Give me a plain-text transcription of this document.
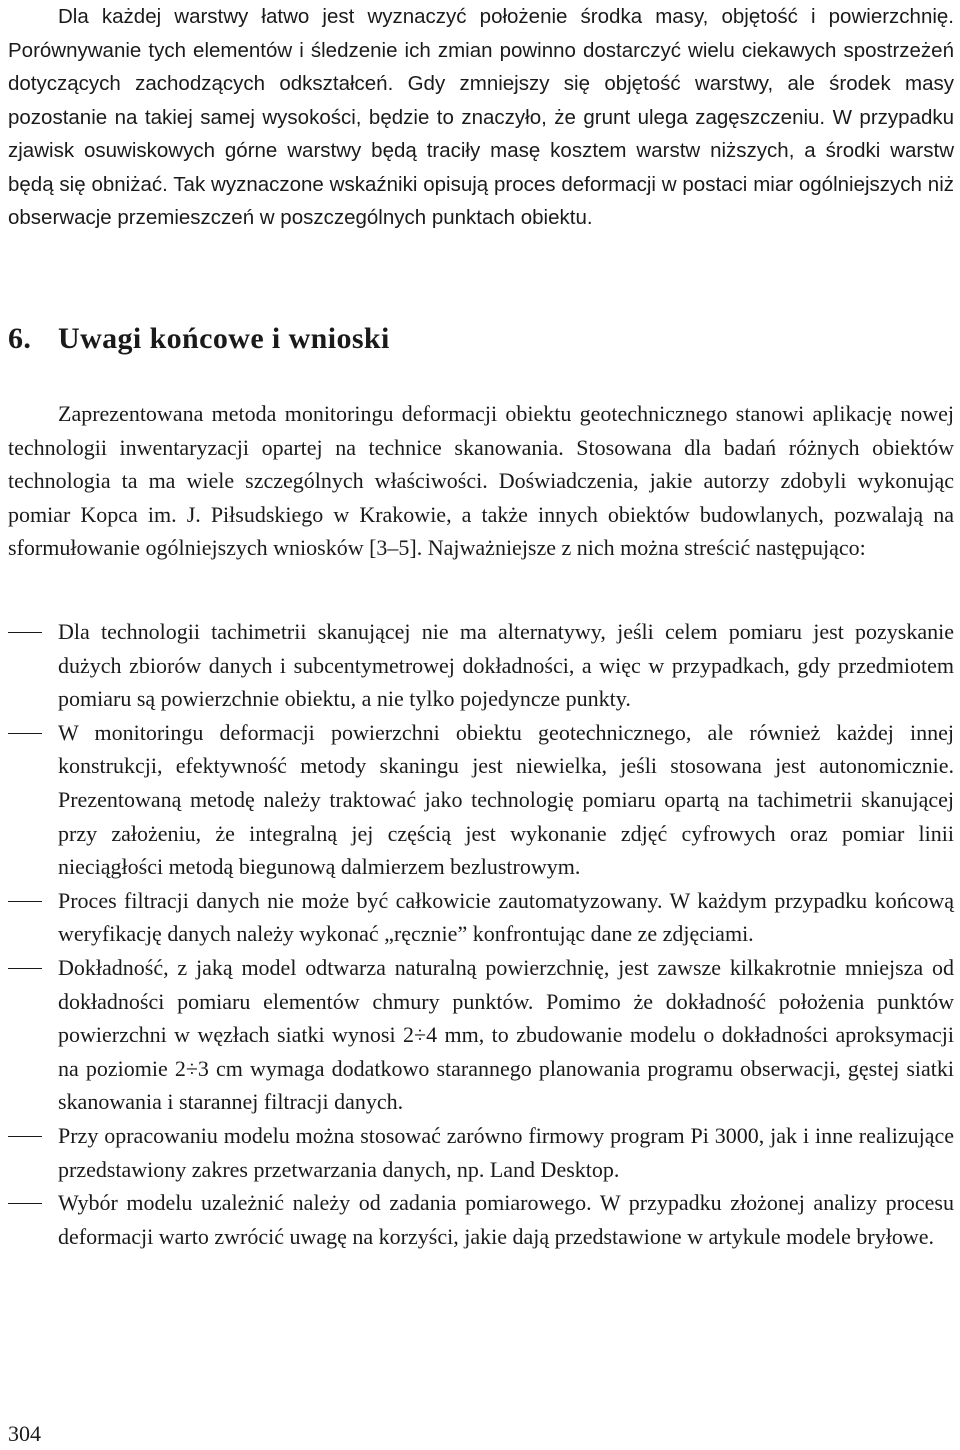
Dla każdej warstwy łatwo jest wyznaczyć położenie środka masy, objętość i powierzchnię. Porównywanie tych elementów i śledzenie ich zmian powinno dostarczyć wielu ciekawych spostrzeżeń dotyczących zachodzących odkształceń. Gdy zmniejszy się objętość warstwy, ale środek masy pozostanie na takiej samej wysokości, będzie to znaczyło, że grunt ulega zagęszczeniu. W przypadku zjawisk osuwiskowych górne warstwy będą traciły masę kosztem warstw niższych, a środki warstw będą się obniżać. Tak wyznaczone wskaźniki opisują proces deformacji w postaci miar ogólniejszych niż obserwacje przemieszczeń w poszczególnych punktach obiektu.

6. Uwagi końcowe i wnioski

Zaprezentowana metoda monitoringu deformacji obiektu geotechnicznego stanowi aplikację nowej technologii inwentaryzacji opartej na technice skanowania. Stosowana dla badań różnych obiektów technologia ta ma wiele szczególnych właściwości. Doświadczenia, jakie autorzy zdobyli wykonując pomiar Kopca im. J. Piłsudskiego w Krakowie, a także innych obiektów budowlanych, pozwalają na sformułowanie ogólniejszych wniosków [3–5]. Najważniejsze z nich można streścić następująco:

Dla technologii tachimetrii skanującej nie ma alternatywy, jeśli celem pomiaru jest pozyskanie dużych zbiorów danych i subcentymetrowej dokładności, a więc w przypadkach, gdy przedmiotem pomiaru są powierzchnie obiektu, a nie tylko pojedyncze punkty.
W monitoringu deformacji powierzchni obiektu geotechnicznego, ale również każdej innej konstrukcji, efektywność metody skaningu jest niewielka, jeśli stosowana jest autonomicznie. Prezentowaną metodę należy traktować jako technologię pomiaru opartą na tachimetrii skanującej przy założeniu, że integralną jej częścią jest wykonanie zdjęć cyfrowych oraz pomiar linii nieciągłości metodą biegunową dalmierzem bezlustrowym.
Proces filtracji danych nie może być całkowicie zautomatyzowany. W każdym przypadku końcową weryfikację danych należy wykonać „ręcznie” konfrontując dane ze zdjęciami.
Dokładność, z jaką model odtwarza naturalną powierzchnię, jest zawsze kilkakrotnie mniejsza od dokładności pomiaru elementów chmury punktów. Pomimo że dokładność położenia punktów powierzchni w węzłach siatki wynosi 2÷4 mm, to zbudowanie modelu o dokładności aproksymacji na poziomie 2÷3 cm wymaga dodatkowo starannego planowania programu obserwacji, gęstej siatki skanowania i starannej filtracji danych.
Przy opracowaniu modelu można stosować zarówno firmowy program Pi 3000, jak i inne realizujące przedstawiony zakres przetwarzania danych, np. Land Desktop.
Wybór modelu uzależnić należy od zadania pomiarowego. W przypadku złożonej analizy procesu deformacji warto zwrócić uwagę na korzyści, jakie dają przedstawione w artykule modele bryłowe.
304
